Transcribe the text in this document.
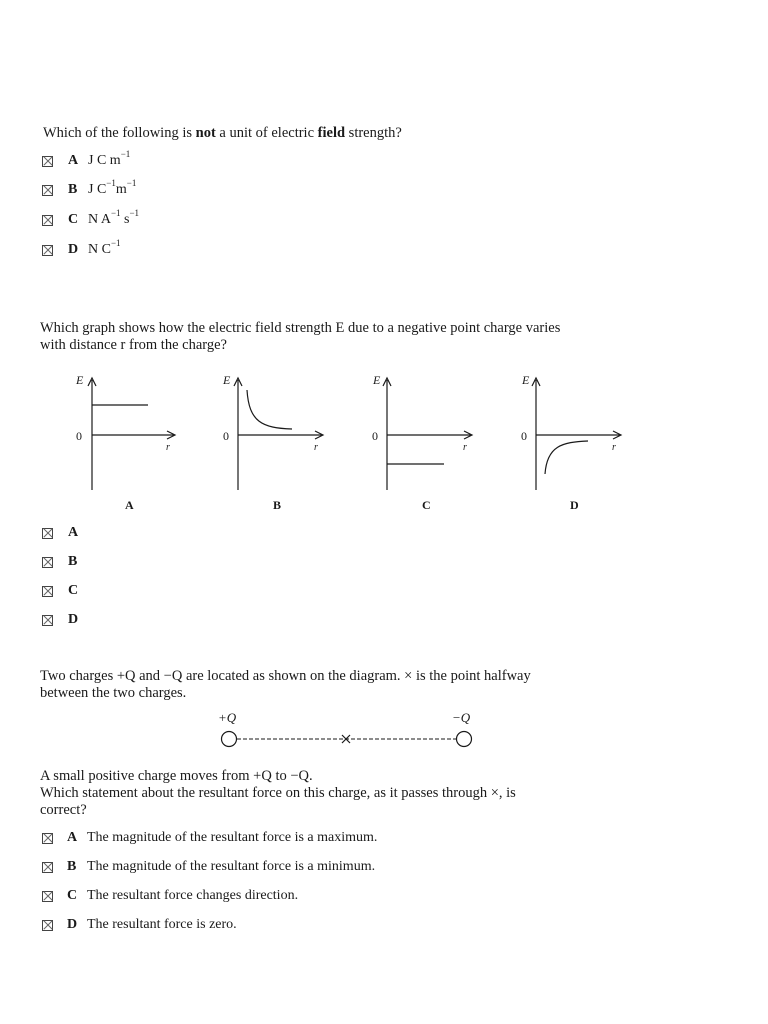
Which of the following is not a unit of electric field strength?
A J C $m^{-1}$
B J $C^{-1}m^{-1}$
C N $A^{-1}$ $s^{-1}$
D N $C^{-1}$
Which graph shows how the electric field strength E due to a negative point charge varies
with distance r from the charge?
E	E	E	E
r	r	r	r
0	0	0	0
A	B	C	D
A
B
C
D
Two charges +Q and −Q are located as shown on the diagram. × is the point halfway
between the two charges.
+Q	−Q
A small positive charge moves from +Q to −Q.
Which statement about the resultant force on this charge, as it passes through ×, is
correct?
A The magnitude of the resultant force is a maximum.
B The magnitude of the resultant force is a minimum.
C The resultant force changes direction.
D The resultant force is zero.
